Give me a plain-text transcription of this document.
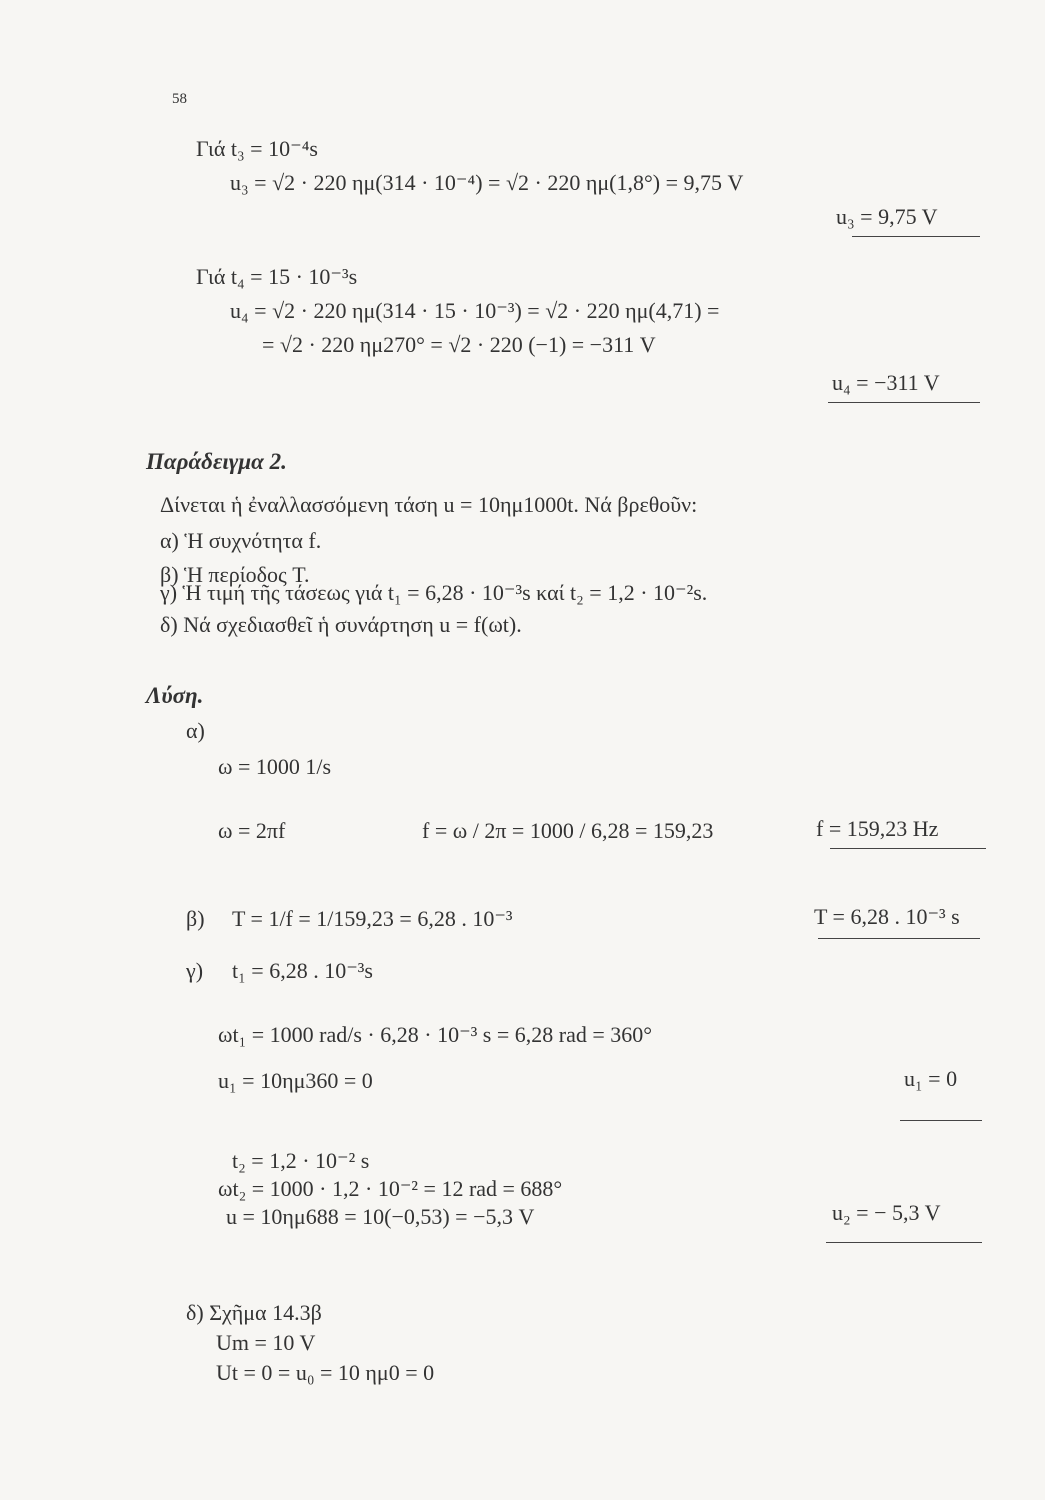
58
Γιά t₃ = 10⁻⁴s
u₃ = √2 · 220 ημ(314 · 10⁻⁴) = √2 · 220 ημ(1,8°) = 9,75 V
u₃ = 9,75 V
Γιά t₄ = 15 · 10⁻³s
u₄ = √2 · 220 ημ(314 · 15 · 10⁻³) = √2 · 220 ημ(4,71) =
= √2 · 220 ημ270° = √2 · 220 (−1) = −311 V
u₄ = −311 V
Παράδειγμα 2.
Δίνεται ἡ ἐναλλασσόμενη τάση u = 10ημ1000t. Νά βρεθοῦν:
α) Ἡ συχνότητα f.
β) Ἡ περίοδος T.
γ) Ἡ τιμή τῆς τάσεως γιά t₁ = 6,28 · 10⁻³s καί t₂ = 1,2 · 10⁻²s.
δ) Νά σχεδιασθεῖ ἡ συνάρτηση u = f(ωt).
Λύση.
α)
ω = 1000 1/s
ω = 2πf	f = ω / 2π = 1000 / 6,28 = 159,23	f = 159,23 Hz
β) T = 1/f = 1/159,23 = 6,28 . 10⁻³	T = 6,28 . 10⁻³ s
γ) t₁ = 6,28 . 10⁻³s
ωt₁ = 1000 rad/s · 6,28 · 10⁻³ s = 6,28 rad = 360°
u₁ = 10ημ360 = 0	u₁ = 0
t₂ = 1,2 · 10⁻² s
ωt₂ = 1000 · 1,2 · 10⁻² = 12 rad = 688°
u = 10ημ688 = 10(−0,53) = −5,3 V	u₂ = − 5,3 V
δ) Σχῆμα 14.3β
Um = 10 V
Ut = 0 = u₀ = 10 ημ0 = 0
